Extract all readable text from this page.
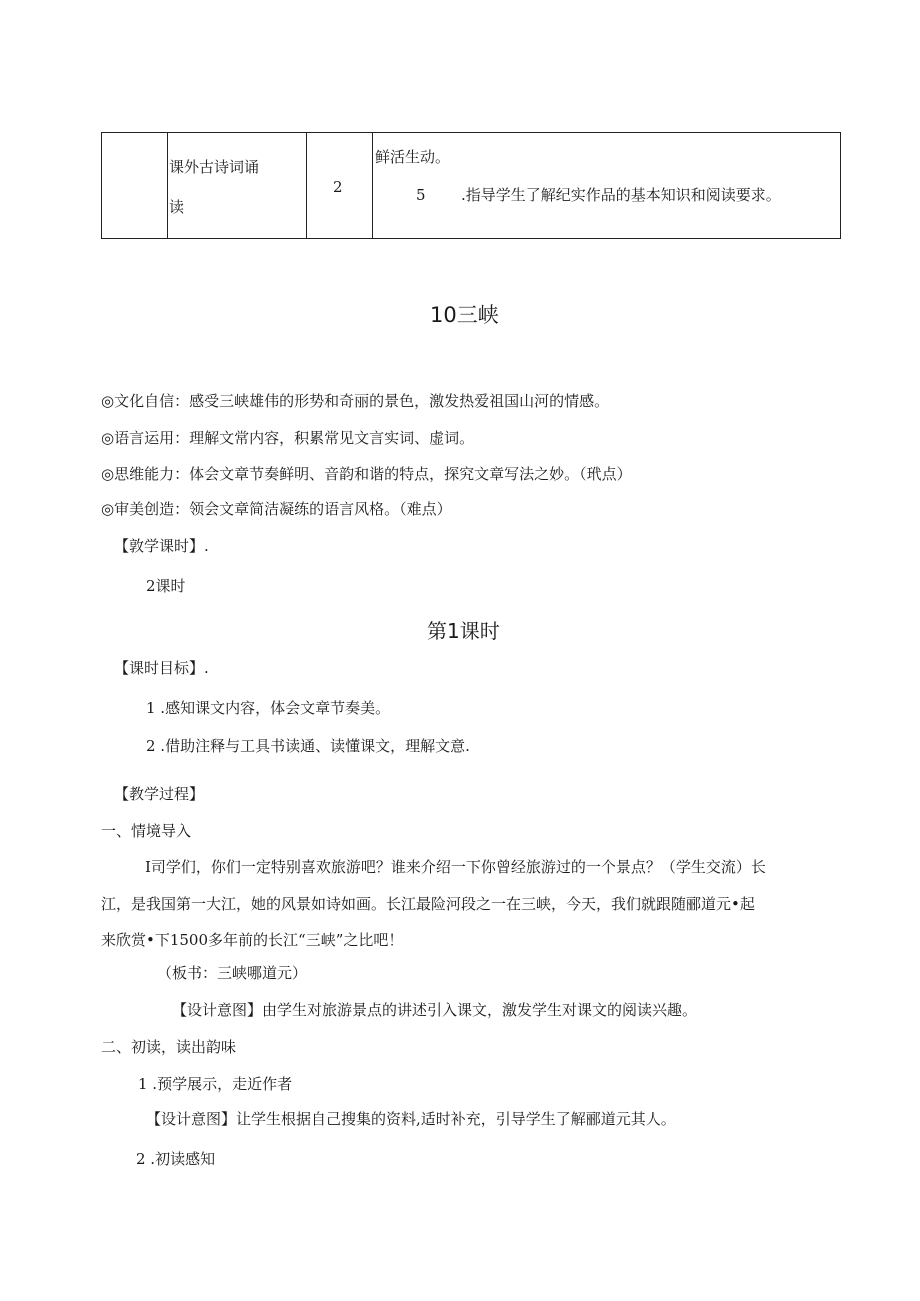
课外古诗词诵
读
2
鲜活生动。
5 .指导学生了解纪实作品的基本知识和阅读要求。
10三峡
◎文化自信：感受三峡雄伟的形势和奇丽的景色，激发热爱祖国山河的情感。
◎语言运用：理解文常内容，积累常见文言实词、虚词。
◎思维能力：体会文章节奏鲜明、音韵和谐的特点，探究文章写法之妙。（玳点）
◎审美创造：领会文章简洁凝练的语言风格。（难点）
【敦学课时】.
2课时
第1课时
【课时目标】.
1 .感知课文内容，体会文章节奏美。
2 .借助注释与工具书读通、读懂课文，理解文意.
【教学过程】
一、情境导入
I司学们，你们一定特别喜欢旅游吧？谁来介绍一下你曾经旅游过的一个景点？（学生交流）长
江，是我国第一大江，她的风景如诗如画。长江最险河段之一在三峡，今天，我们就跟随郦道元•起
来欣赏•下1500多年前的长江“三峡”之比吧！
（板书：三峡哪道元）
【设计意图】由学生对旅游景点的讲述引入课文，激发学生对课文的阅读兴趣。
二、初读，读出韵味
1 .预学展示，走近作者
【设计意图】让学生根据自己搜集的资料,适时补充，引导学生了解郦道元其人。
2 .初读感知
